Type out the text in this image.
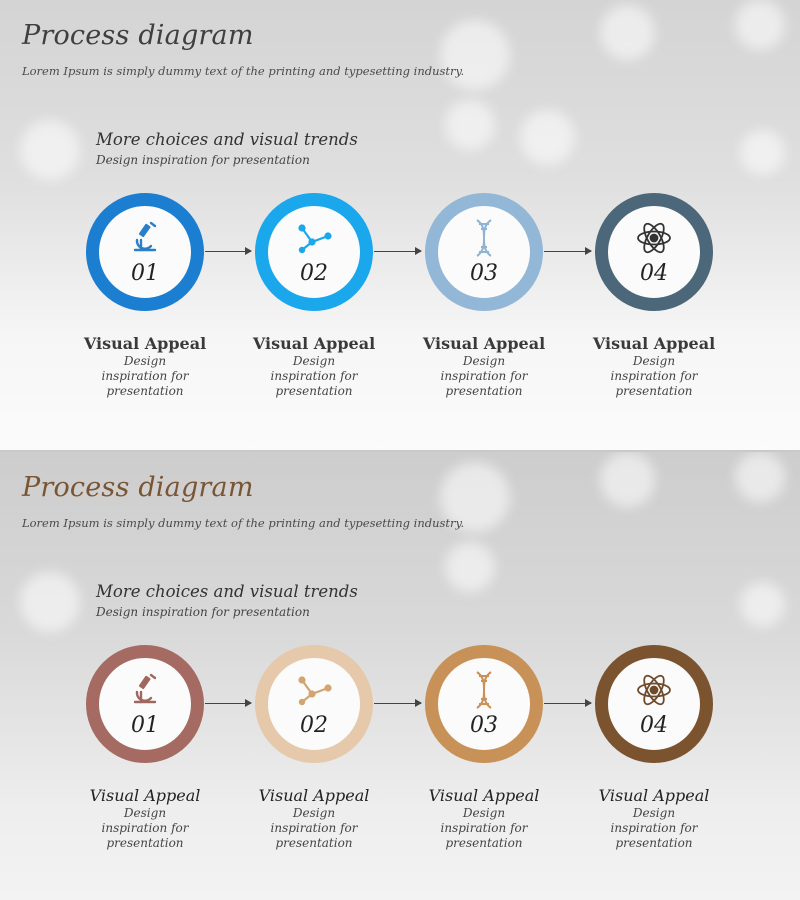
Process diagram
Lorem Ipsum is simply dummy text of the printing and typesetting industry.
More choices and visual trends
Design inspiration for presentation
01	02	03	04
Visual Appeal
Design inspiration for presentation
Visual Appeal
Design inspiration for presentation
Visual Appeal
Design inspiration for presentation
Visual Appeal
Design inspiration for presentation
Process diagram
Lorem Ipsum is simply dummy text of the printing and typesetting industry.
More choices and visual trends
Design inspiration for presentation
01	02	03	04
Visual Appeal
Design inspiration for presentation
Visual Appeal
Design inspiration for presentation
Visual Appeal
Design inspiration for presentation
Visual Appeal
Design inspiration for presentation
